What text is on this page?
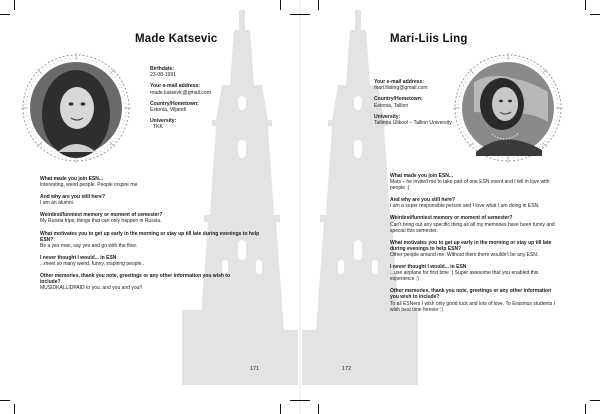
Made Katsevic
Birthdate:
23-08-1991
Your e-mail address:
made.katsevic@gmail.com
Country/Hometown:
Estonia, Viljandi
University:
TKK
What made you join ESN...
Interesting, weird people. People inspire me.
And why are you still here?
I am an alumni.
Weirdest/funniest memory or moment of semester?
My Russia trips; things that can only happen in Russia.
What motivates you to get up early in the morning or stay up till late during evenings to help ESN?
Be a yes man, say yes and go with the flow.
I never thought I would... in ESN
...meet so many weird, funny, inspiring people..
Other memories, thank you note, greetings or any other information you wish to include?
MUSIDKALLIDPAID to you, and you and you!!
171
Mari-Liis Ling
Your e-mail address:
mari.liisling@gmail.com
Country/Hometown:
Estonia, Tallinn
University:
Tallinna Ülikool – Tallinn University
What made you join ESN...
Mats – he invited me to take part of one ESN event and I fell in love with people :)
And why are you still here?
I am a super responsible person and I love what I am doing in ESN.
Weirdest/funniest memory or moment of semester?
Can't bring out any specific thing as all my memories have been funny and special this semester.
What motivates you to get up early in the morning or stay up till late during evenings to help ESN?
Other people around me. Without them there wouldn't be any ESN.
I never thought I would... in ESN
...use airplane for first time :) Super awesome that you enabled this experience :)
Other memories, thank you note, greetings or any other information you wish to include?
To all ESNers I wish only good luck and lots of love. To Erasmus students I wish best time forever :)
172
